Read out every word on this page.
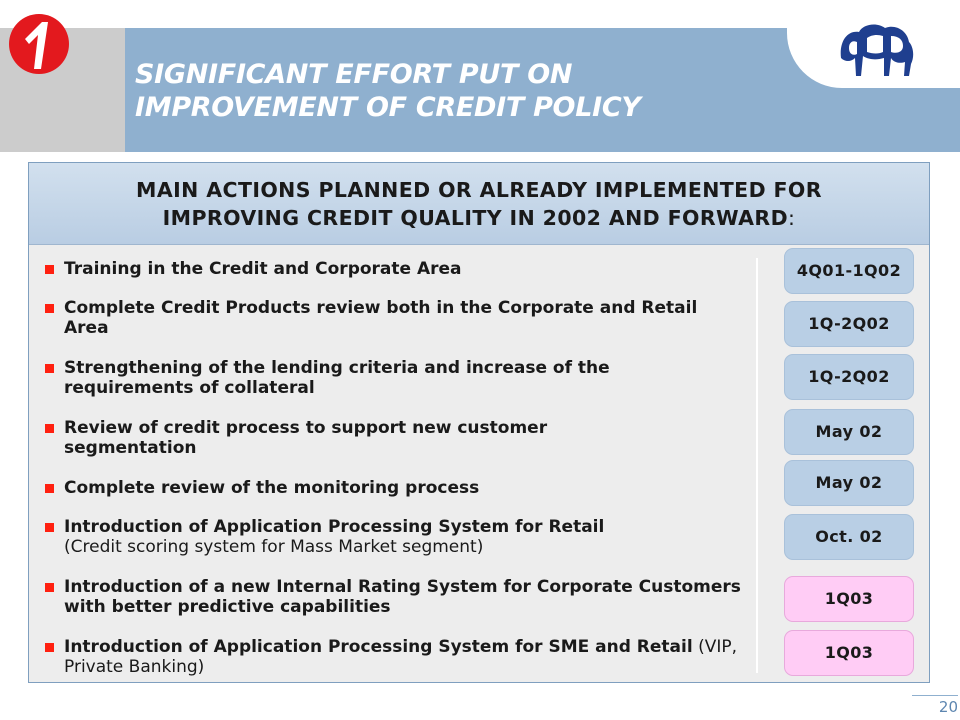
SIGNIFICANT EFFORT PUT ON
IMPROVEMENT OF CREDIT POLICY
MAIN ACTIONS PLANNED OR ALREADY IMPLEMENTED FOR
IMPROVING CREDIT QUALITY IN 2002 AND FORWARD:
Training in the Credit and Corporate Area
Complete Credit Products review both in the Corporate and Retail Area
Strengthening of the lending criteria and increase of the requirements of collateral
Review of credit process to support new customer segmentation
Complete review of the monitoring process
Introduction of Application Processing System for Retail
(Credit scoring system for Mass Market segment)
Introduction of a new Internal Rating System for Corporate Customers with better predictive capabilities
Introduction of Application Processing System for SME and Retail (VIP, Private Banking)
4Q01-1Q02
1Q-2Q02
1Q-2Q02
May 02
May 02
Oct. 02
1Q03
1Q03
20
